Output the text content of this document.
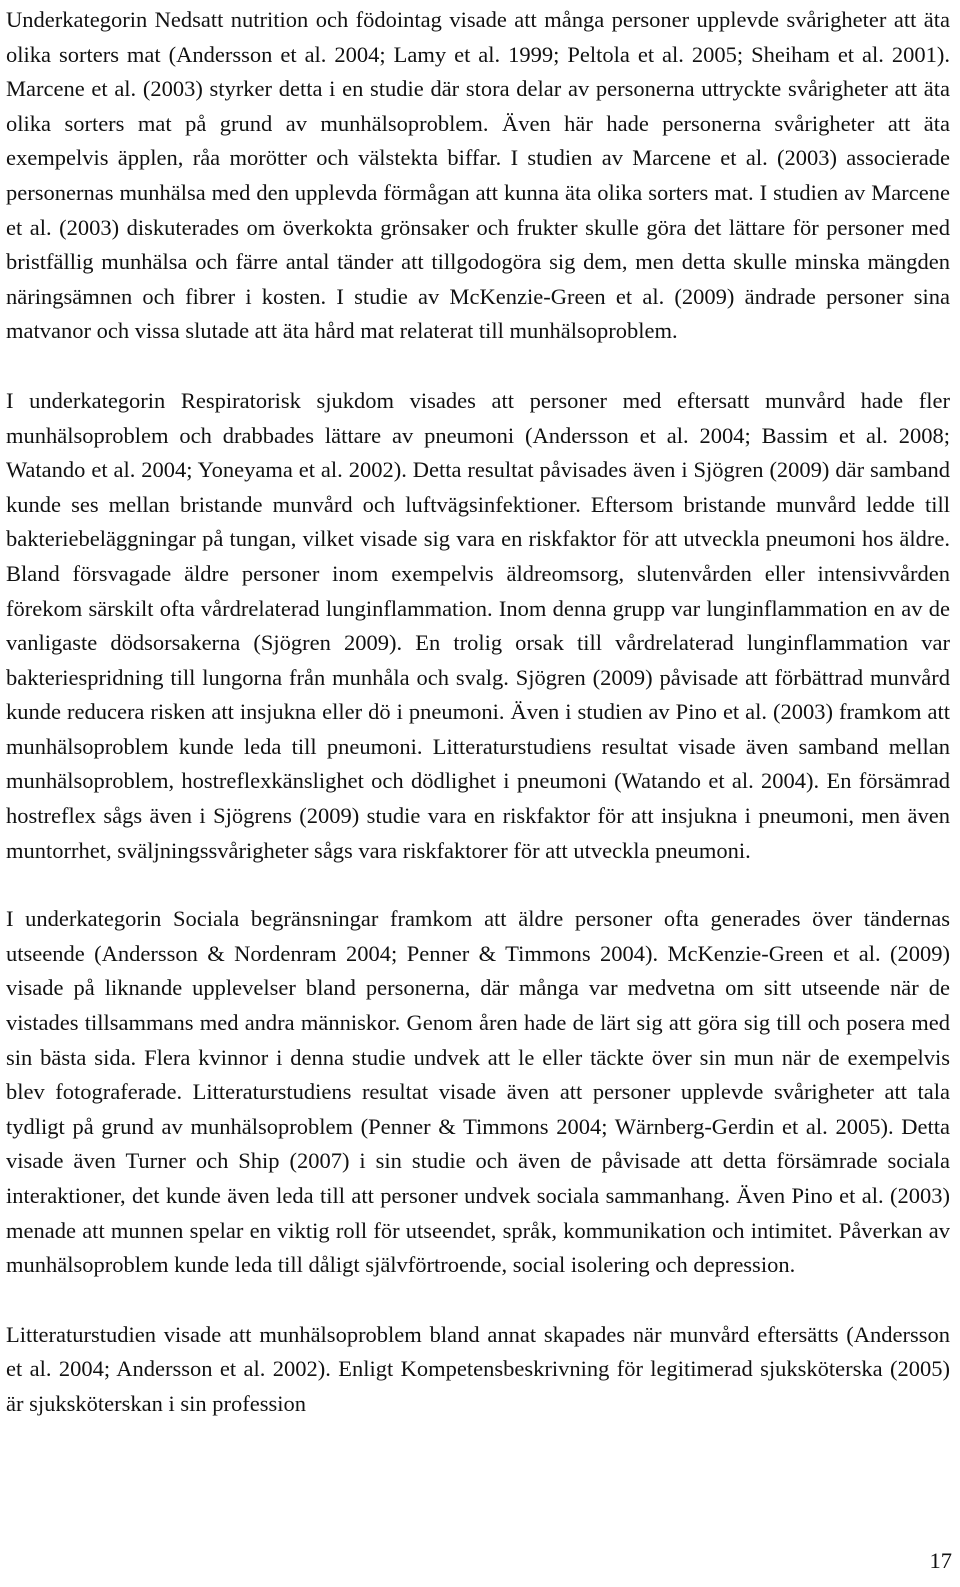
Underkategorin Nedsatt nutrition och födointag visade att många personer upplevde svårigheter att äta olika sorters mat (Andersson et al. 2004; Lamy et al. 1999; Peltola et al. 2005; Sheiham et al. 2001). Marcene et al. (2003) styrker detta i en studie där stora delar av personerna uttryckte svårigheter att äta olika sorters mat på grund av munhälsoproblem. Även här hade personerna svårigheter att äta exempelvis äpplen, råa morötter och välstekta biffar. I studien av Marcene et al. (2003) associerade personernas munhälsa med den upplevda förmågan att kunna äta olika sorters mat. I studien av Marcene et al. (2003) diskuterades om överkokta grönsaker och frukter skulle göra det lättare för personer med bristfällig munhälsa och färre antal tänder att tillgodogöra sig dem, men detta skulle minska mängden näringsämnen och fibrer i kosten. I studie av McKenzie-Green et al. (2009) ändrade personer sina matvanor och vissa slutade att äta hård mat relaterat till munhälsoproblem.

I underkategorin Respiratorisk sjukdom visades att personer med eftersatt munvård hade fler munhälsoproblem och drabbades lättare av pneumoni (Andersson et al. 2004; Bassim et al. 2008; Watando et al. 2004; Yoneyama et al. 2002). Detta resultat påvisades även i Sjögren (2009) där samband kunde ses mellan bristande munvård och luftvägsinfektioner. Eftersom bristande munvård ledde till bakteriebeläggningar på tungan, vilket visade sig vara en riskfaktor för att utveckla pneumoni hos äldre. Bland försvagade äldre personer inom exempelvis äldreomsorg, slutenvården eller intensivvården förekom särskilt ofta vårdrelaterad lunginflammation. Inom denna grupp var lunginflammation en av de vanligaste dödsorsakerna (Sjögren 2009). En trolig orsak till vårdrelaterad lunginflammation var bakteriespridning till lungorna från munhåla och svalg. Sjögren (2009) påvisade att förbättrad munvård kunde reducera risken att insjukna eller dö i pneumoni. Även i studien av Pino et al. (2003) framkom att munhälsoproblem kunde leda till pneumoni. Litteraturstudiens resultat visade även samband mellan munhälsoproblem, hostreflexkänslighet och dödlighet i pneumoni (Watando et al. 2004). En försämrad hostreflex sågs även i Sjögrens (2009) studie vara en riskfaktor för att insjukna i pneumoni, men även muntorrhet, sväljningssvårigheter sågs vara riskfaktorer för att utveckla pneumoni.

I underkategorin Sociala begränsningar framkom att äldre personer ofta generades över tändernas utseende (Andersson & Nordenram 2004; Penner & Timmons 2004). McKenzie-Green et al. (2009) visade på liknande upplevelser bland personerna, där många var medvetna om sitt utseende när de vistades tillsammans med andra människor. Genom åren hade de lärt sig att göra sig till och posera med sin bästa sida. Flera kvinnor i denna studie undvek att le eller täckte över sin mun när de exempelvis blev fotograferade. Litteraturstudiens resultat visade även att personer upplevde svårigheter att tala tydligt på grund av munhälsoproblem (Penner & Timmons 2004; Wärnberg-Gerdin et al. 2005). Detta visade även Turner och Ship (2007) i sin studie och även de påvisade att detta försämrade sociala interaktioner, det kunde även leda till att personer undvek sociala sammanhang. Även Pino et al. (2003) menade att munnen spelar en viktig roll för utseendet, språk, kommunikation och intimitet. Påverkan av munhälsoproblem kunde leda till dåligt självförtroende, social isolering och depression.

Litteraturstudien visade att munhälsoproblem bland annat skapades när munvård eftersätts (Andersson et al. 2004; Andersson et al. 2002). Enligt Kompetensbeskrivning för legitimerad sjuksköterska (2005) är sjuksköterskan i sin profession

17
